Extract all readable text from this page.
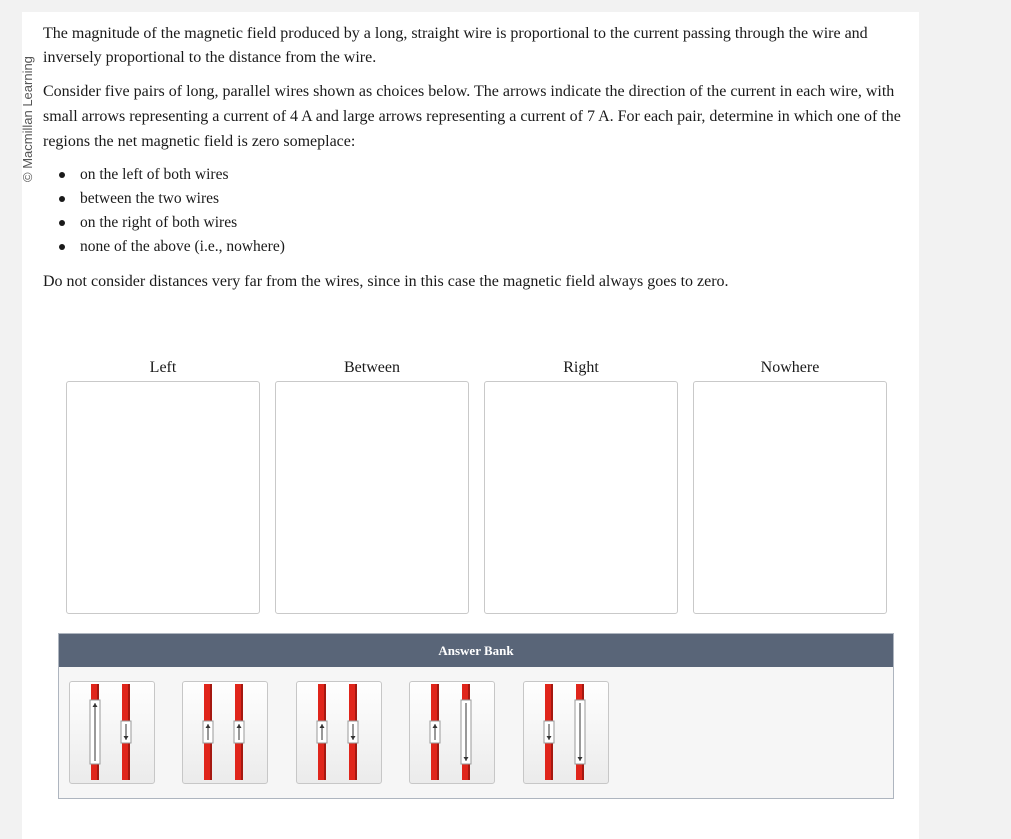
© Macmillan Learning

The magnitude of the magnetic field produced by a long, straight wire is proportional to the current passing through the wire and inversely proportional to the distance from the wire.

Consider five pairs of long, parallel wires shown as choices below. The arrows indicate the direction of the current in each wire, with small arrows representing a current of 4 A and large arrows representing a current of 7 A. For each pair, determine in which one of the regions the net magnetic field is zero someplace:

on the left of both wires
between the two wires
on the right of both wires
none of the above (i.e., nowhere)

Do not consider distances very far from the wires, since in this case the magnetic field always goes to zero.

Left	Between	Right	Nowhere
Answer Bank
